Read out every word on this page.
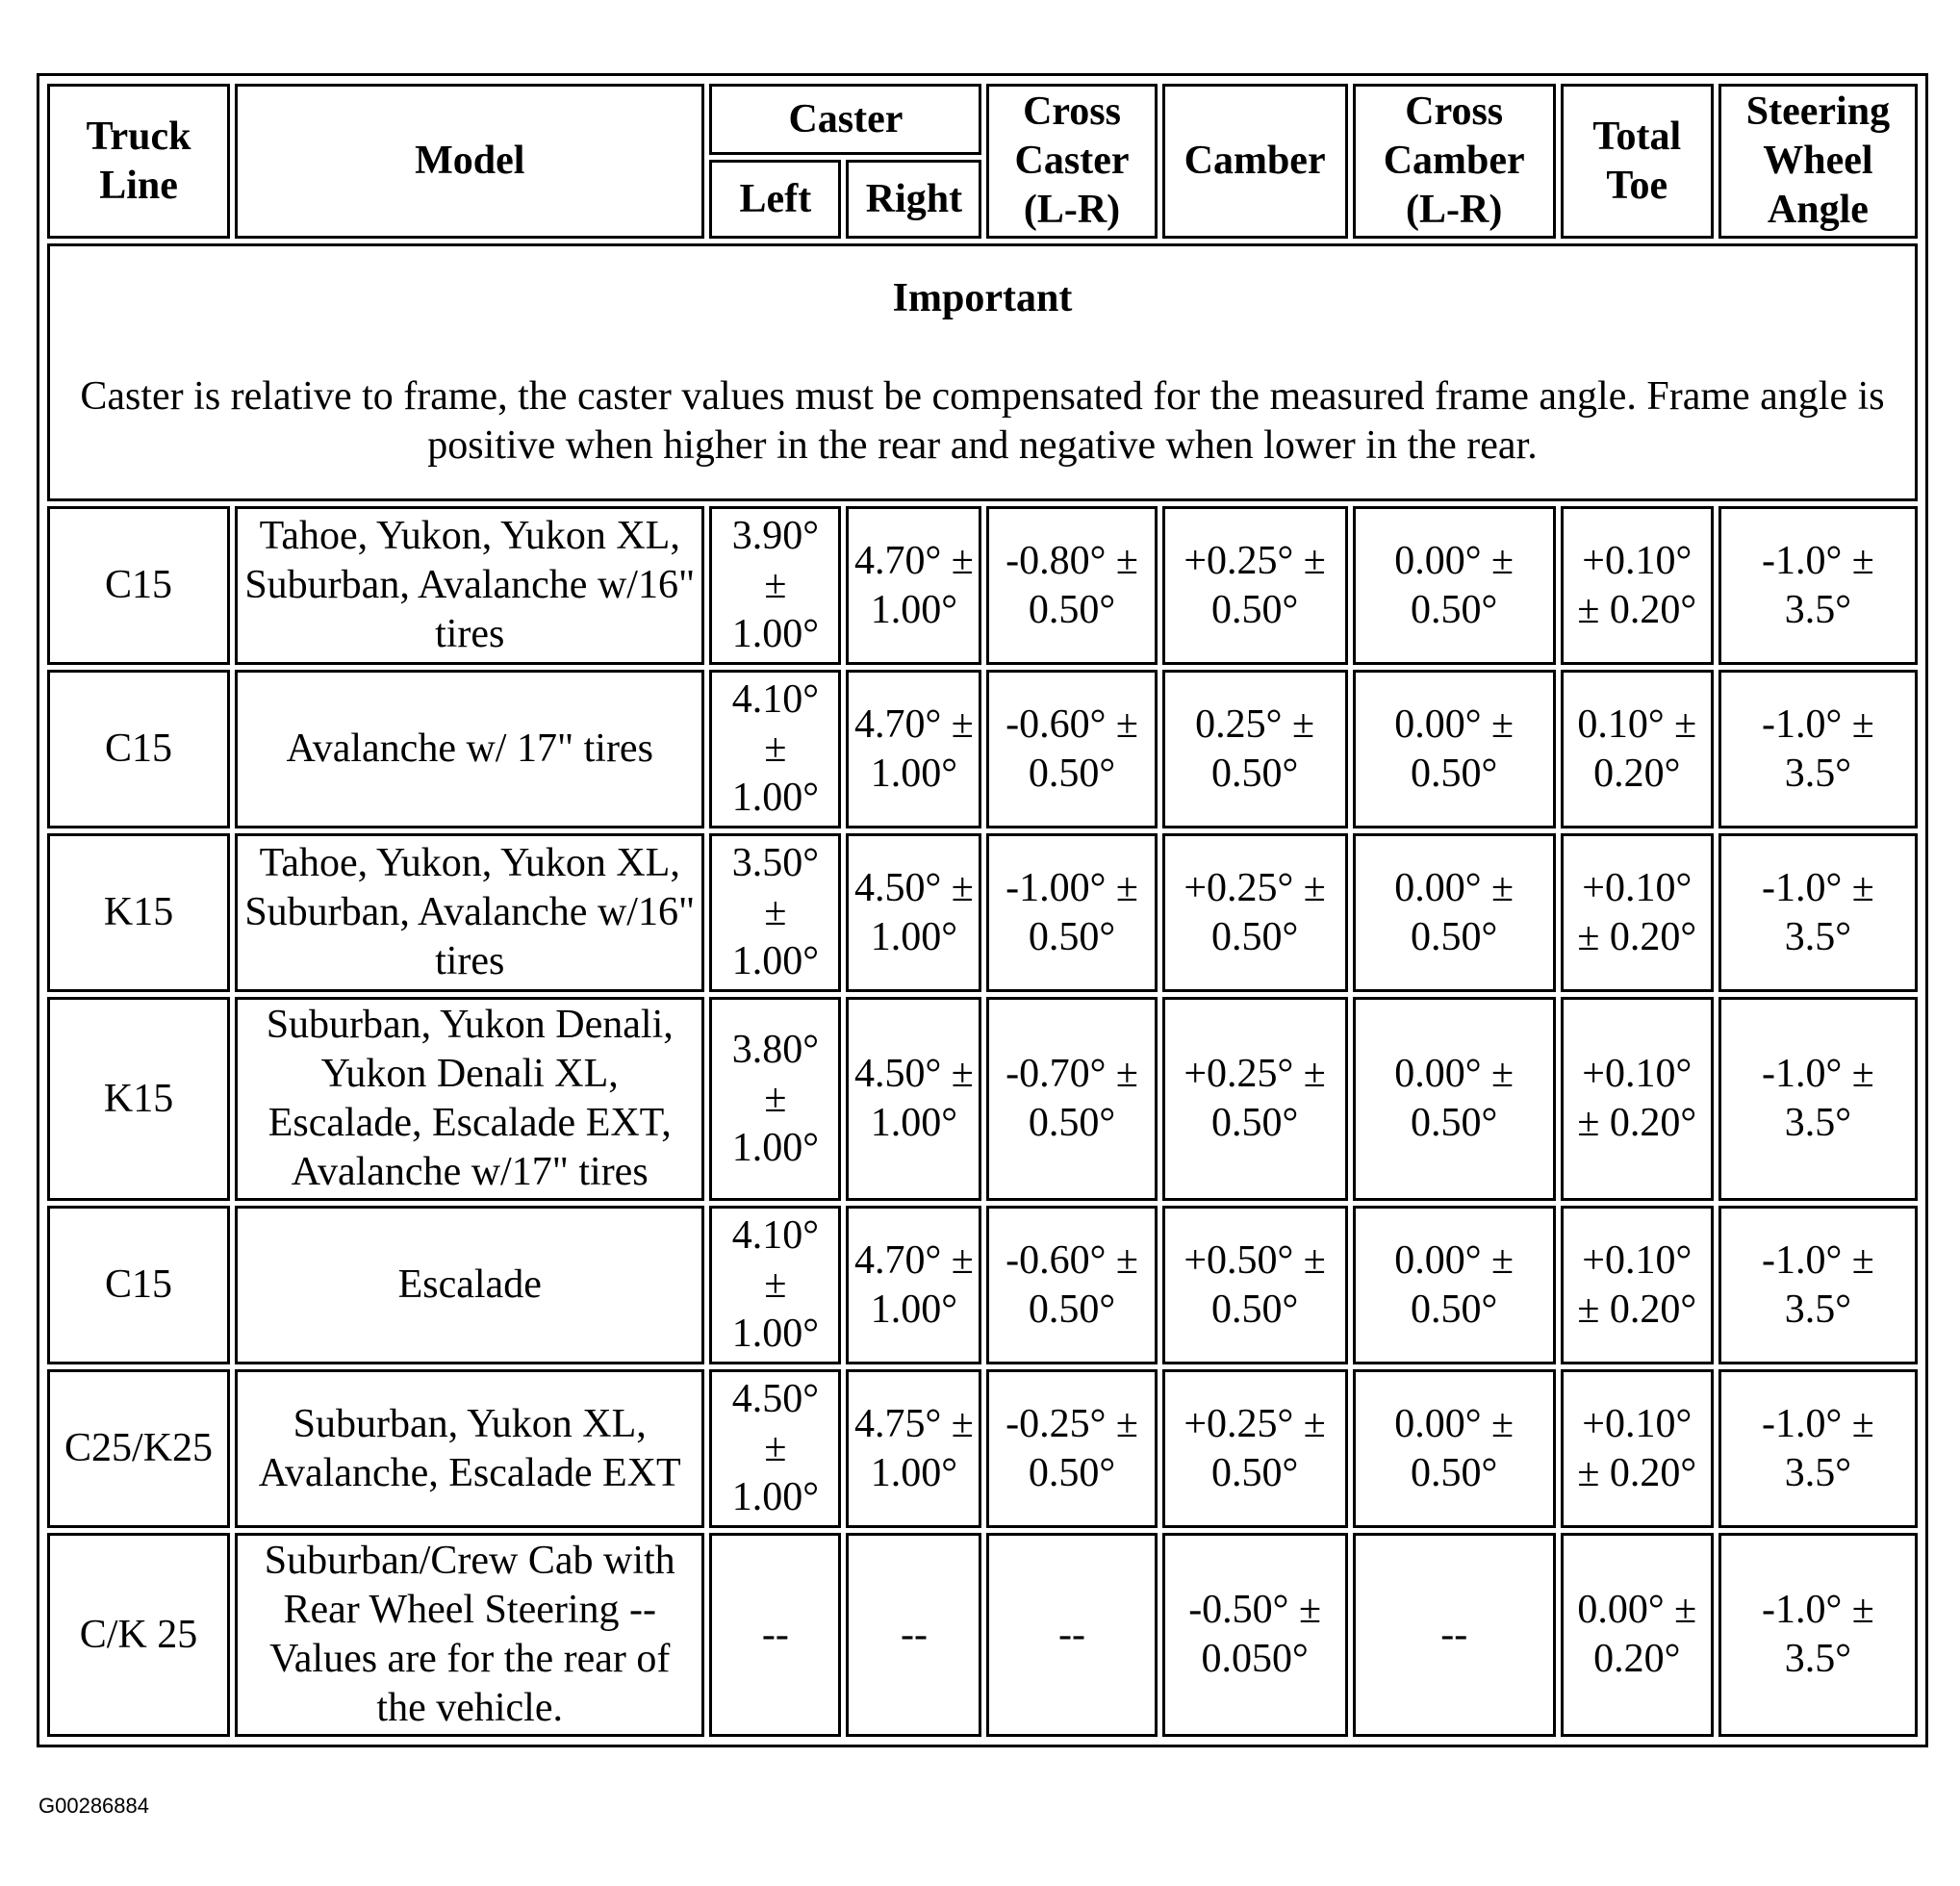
Truck Line	Model	Caster		Cross Caster (L-R)	Camber	Cross Camber (L-R)	Total Toe	Steering Wheel Angle
		Left	Right					

Important
Caster is relative to frame, the caster values must be compensated for the measured frame angle. Frame angle is positive when higher in the rear and negative when lower in the rear.								

C15	Tahoe, Yukon, Yukon XL, Suburban, Avalanche w/16" tires	3.90° ± 1.00°	4.70° ± 1.00°	-0.80° ± 0.50°	+0.25° ± 0.50°	0.00° ± 0.50°	+0.10° ± 0.20°	-1.0° ± 3.5°
C15	Avalanche w/ 17" tires	4.10° ± 1.00°	4.70° ± 1.00°	-0.60° ± 0.50°	0.25° ± 0.50°	0.00° ± 0.50°	0.10° ± 0.20°	-1.0° ± 3.5°
K15	Tahoe, Yukon, Yukon XL, Suburban, Avalanche w/16" tires	3.50° ± 1.00°	4.50° ± 1.00°	-1.00° ± 0.50°	+0.25° ± 0.50°	0.00° ± 0.50°	+0.10° ± 0.20°	-1.0° ± 3.5°
K15	Suburban, Yukon Denali, Yukon Denali XL, Escalade, Escalade EXT, Avalanche w/17" tires	3.80° ± 1.00°	4.50° ± 1.00°	-0.70° ± 0.50°	+0.25° ± 0.50°	0.00° ± 0.50°	+0.10° ± 0.20°	-1.0° ± 3.5°
C15	Escalade	4.10° ± 1.00°	4.70° ± 1.00°	-0.60° ± 0.50°	+0.50° ± 0.50°	0.00° ± 0.50°	+0.10° ± 0.20°	-1.0° ± 3.5°
C25/K25	Suburban, Yukon XL, Avalanche, Escalade EXT	4.50° ± 1.00°	4.75° ± 1.00°	-0.25° ± 0.50°	+0.25° ± 0.50°	0.00° ± 0.50°	+0.10° ± 0.20°	-1.0° ± 3.5°
C/K 25	Suburban/Crew Cab with Rear Wheel Steering -- Values are for the rear of the vehicle.	--	--	--	-0.50° ± 0.050°	--	0.00° ± 0.20°	-1.0° ± 3.5°
G00286884
